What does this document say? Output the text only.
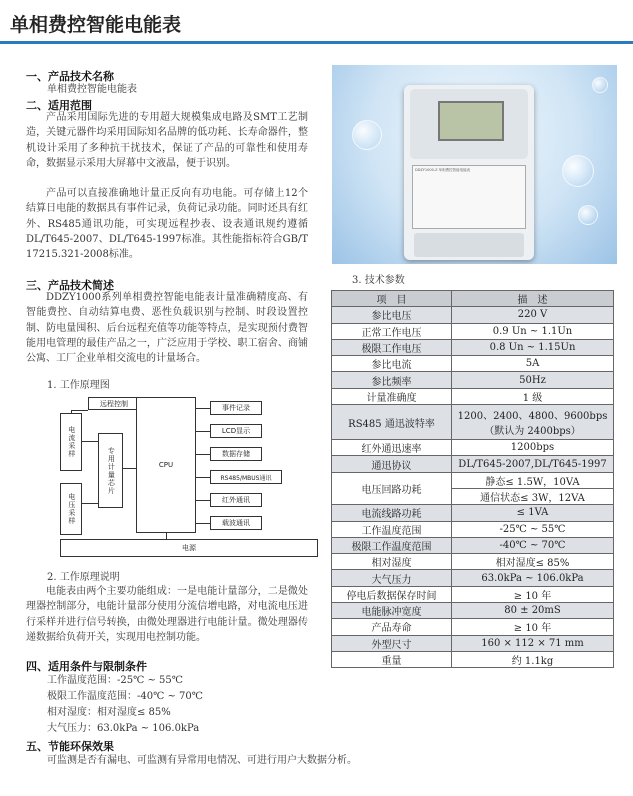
单相费控智能电能表
一、产品技术名称
单相费控智能电能表
二、适用范围
产品采用国际先进的专用超大规模集成电路及SMT工艺制造，关键元器件均采用国际知名品牌的低功耗、长寿命器件，整机设计采用了多种抗干扰技术，保证了产品的可靠性和使用寿命，数据显示采用大屏幕中文液晶，便于识别。
产品可以直接准确地计量正反向有功电能。可存储上12个结算日电能的数据具有事件记录，负荷记录功能。同时还具有红外、RS485通讯功能，可实现远程抄表、设表通讯规约遵循DL/T645-2007、DL/T645-1997标准。其性能指标符合GB/T 17215.321-2008标准。
三、产品技术简述
DDZY1000系列单相费控智能电能表计量准确精度高、有智能费控、自动结算电费、恶性负载识别与控制、时段设置控制、防电量囤积、后台远程充值等功能等特点，是实现预付费智能用电管理的最佳产品之一，广泛应用于学校、职工宿舍、商铺公寓、工厂企业单相交流电的计量场合。
1. 工作原理图
远程控制
电流采样
电压采样
专用计量芯片	CPU
事件记录
LCD显示
数据存储
RS485/MBUS通讯
红外通讯
载波通讯
电源
2. 工作原理说明
电能表由两个主要功能组成：一是电能计量部分，二是微处理器控制部分，电能计量部分使用分流信增电路，对电流电压进行采样并进行信号转换，由微处理器进行电能计量。微处理器传递数据给负荷开关，实现用电控制功能。
四、适用条件与限制条件
工作温度范围：-25℃ ~ 55℃
极限工作温度范围：-40℃ ~ 70℃
相对湿度：相对湿度≤ 85%
大气压力：63.0kPa ~ 106.0kPa
五、节能环保效果
可监测是否有漏电、可监测有异常用电情况、可进行用户大数据分析。
DDZY1000-Z 单相费控智能电能表
3. 技术参数
项　目	描　述
参比电压	220 V
正常工作电压	0.9 Un ~ 1.1Un
极限工作电压	0.8 Un ~ 1.15Un
参比电流	5A
参比频率	50Hz
计量准确度	1 级
RS485 通迅波特率	1200、2400、4800、9600bps（默认为 2400bps）
红外通迅速率	1200bps
通迅协议	DL/T645-2007,DL/T645-1997
电压回路功耗	静态≤ 1.5W，10VA
	通信状态≤ 3W，12VA
电流线路功耗	≤ 1VA
工作温度范围	-25℃ ~ 55℃
极限工作温度范围	-40℃ ~ 70℃
相对湿度	相对湿度≤ 85%
大气压力	63.0kPa ~ 106.0kPa
停电后数据保存时间	≥ 10 年
电能脉冲宽度	80 ± 20mS
产品寿命	≥ 10 年
外型尺寸	160 × 112 × 71 mm
重量	约 1.1kg
